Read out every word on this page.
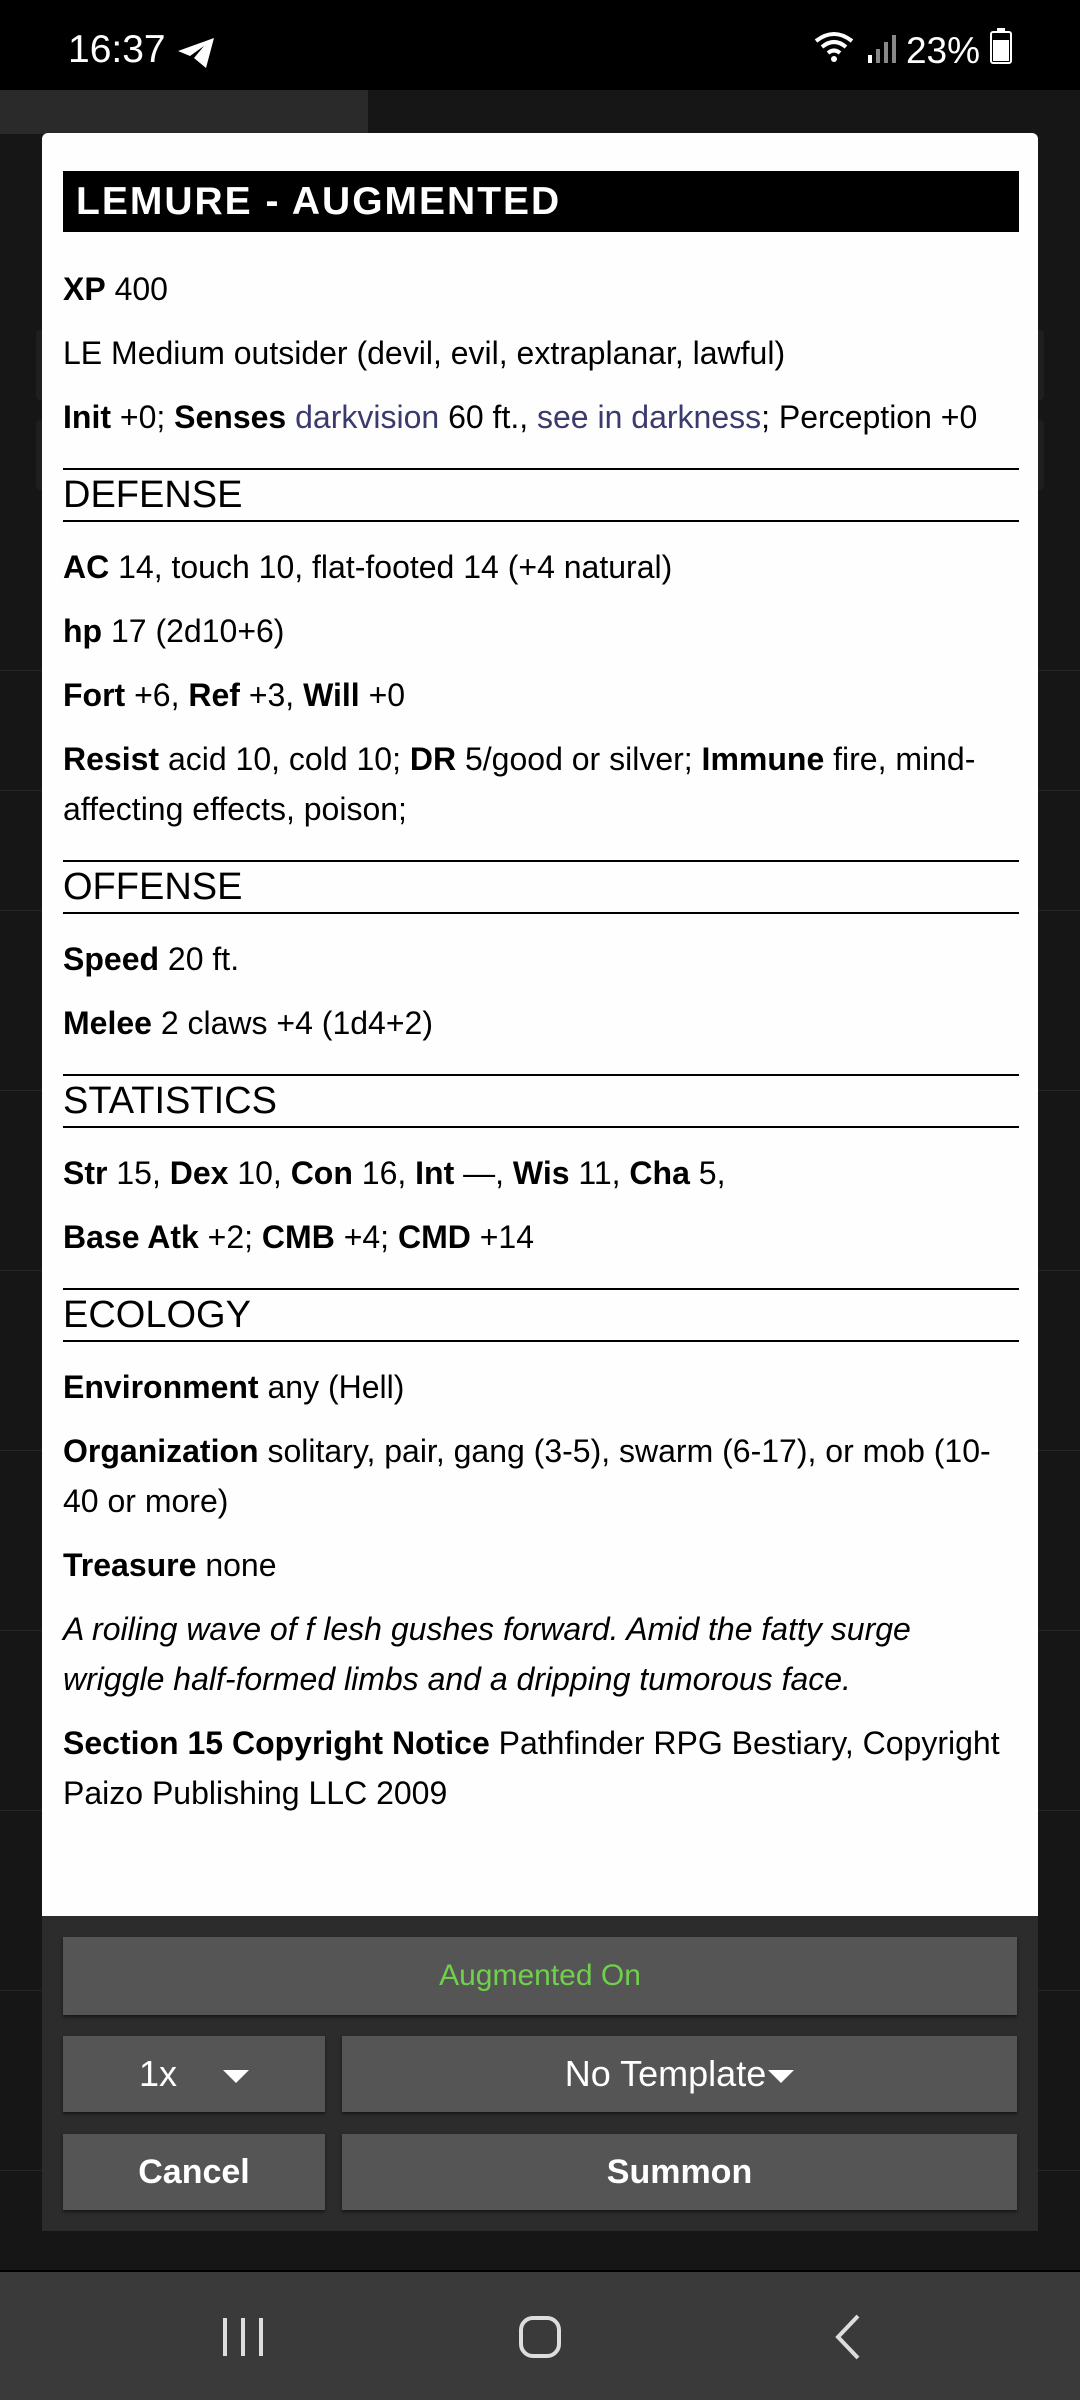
16:37	23%
LEMURE - AUGMENTED
XP 400
LE Medium outsider (devil, evil, extraplanar, lawful)
Init +0; Senses darkvision 60 ft., see in darkness; Perception +0
DEFENSE
AC 14, touch 10, flat-footed 14 (+4 natural)
hp 17 (2d10+6)
Fort +6, Ref +3, Will +0
Resist acid 10, cold 10; DR 5/good or silver; Immune fire, mind-affecting effects, poison;
OFFENSE
Speed 20 ft.
Melee 2 claws +4 (1d4+2)
STATISTICS
Str 15, Dex 10, Con 16, Int —, Wis 11, Cha 5,
Base Atk +2; CMB +4; CMD +14
ECOLOGY
Environment any (Hell)
Organization solitary, pair, gang (3-5), swarm (6-17), or mob (10-40 or more)
Treasure none
A roiling wave of f lesh gushes forward. Amid the fatty surge wriggle half-formed limbs and a dripping tumorous face.
Section 15 Copyright Notice Pathfinder RPG Bestiary, Copyright Paizo Publishing LLC 2009
Augmented On
1x	No Template
Cancel	Summon
